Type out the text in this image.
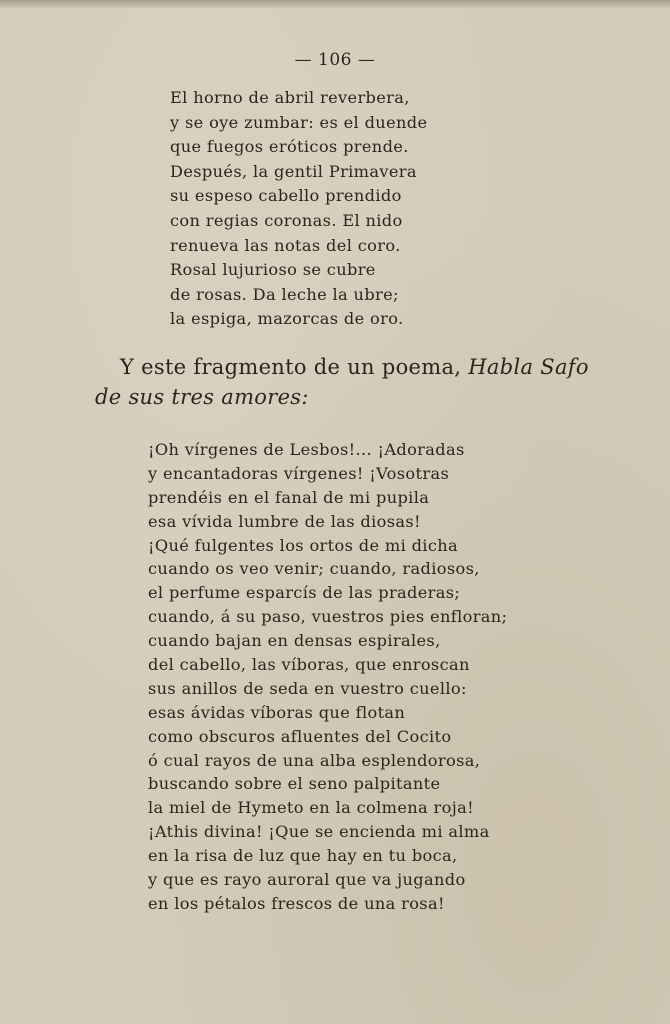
— 106 —
El horno de abril reverbera,
y se oye zumbar: es el duende
que fuegos eróticos prende.
Después, la gentil Primavera
su espeso cabello prendido
con regias coronas. El nido
renueva las notas del coro.
Rosal lujurioso se cubre
de rosas. Da leche la ubre;
la espiga, mazorcas de oro.
Y este fragmento de un poema, Habla Safo
de sus tres amores:
¡Oh vírgenes de Lesbos!... ¡Adoradas
y encantadoras vírgenes! ¡Vosotras
prendéis en el fanal de mi pupila
esa vívida lumbre de las diosas!
¡Qué fulgentes los ortos de mi dicha
cuando os veo venir; cuando, radiosos,
el perfume esparcís de las praderas;
cuando, á su paso, vuestros pies enfloran;
cuando bajan en densas espirales,
del cabello, las víboras, que enroscan
sus anillos de seda en vuestro cuello:
esas ávidas víboras que flotan
como obscuros afluentes del Cocito
ó cual rayos de una alba esplendorosa,
buscando sobre el seno palpitante
la miel de Hymeto en la colmena roja!
¡Athis divina! ¡Que se encienda mi alma
en la risa de luz que hay en tu boca,
y que es rayo auroral que va jugando
en los pétalos frescos de una rosa!
